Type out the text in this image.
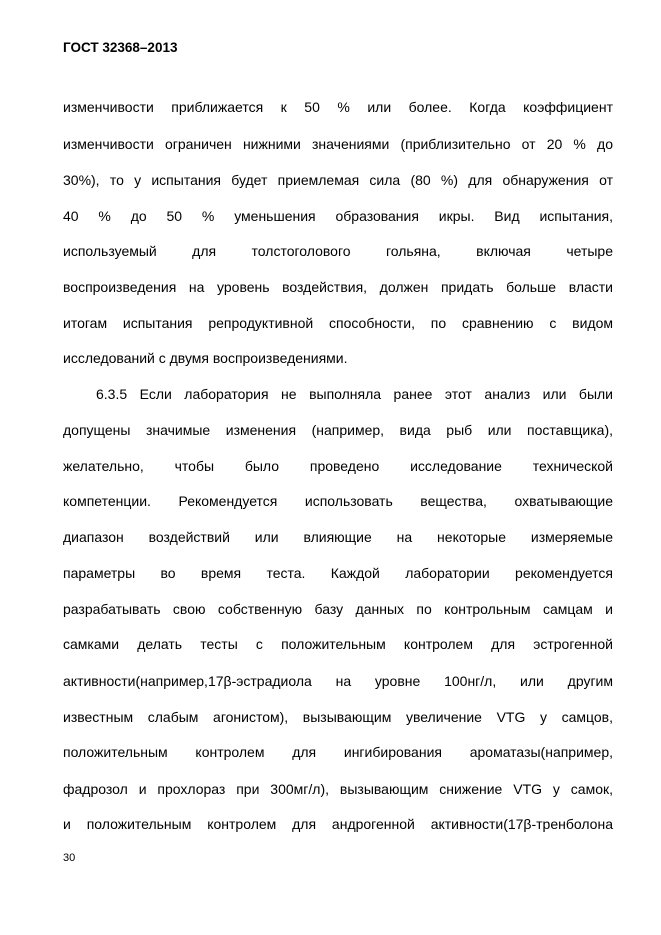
ГОСТ 32368–2013
изменчивости приближается к 50 % или более. Когда коэффициент
изменчивости ограничен нижними значениями (приблизительно от 20 % до
30%), то у испытания будет приемлемая сила (80 %) для обнаружения от
40 % до 50 % уменьшения образования икры. Вид испытания,
используемый для толстоголового гольяна, включая четыре
воспроизведения на уровень воздействия, должен придать больше власти
итогам испытания репродуктивной способности, по сравнению с видом
исследований с двумя воспроизведениями.
6.3.5 Если лаборатория не выполняла ранее этот анализ или были
допущены значимые изменения (например, вида рыб или поставщика),
желательно, чтобы было проведено исследование технической
компетенции. Рекомендуется использовать вещества, охватывающие
диапазон воздействий или влияющие на некоторые измеряемые
параметры во время теста. Каждой лаборатории рекомендуется
разрабатывать свою собственную базу данных по контрольным самцам и
самками делать тесты с положительным контролем для эстрогенной
активности(например,17β-эстрадиола на уровне 100нг/л, или другим
известным слабым агонистом), вызывающим увеличение VTG у самцов,
положительным контролем для ингибирования ароматазы(например,
фадрозол и прохлораз при 300мг/л), вызывающим снижение VTG у самок,
и положительным контролем для андрогенной активности(17β-тренболона
30
